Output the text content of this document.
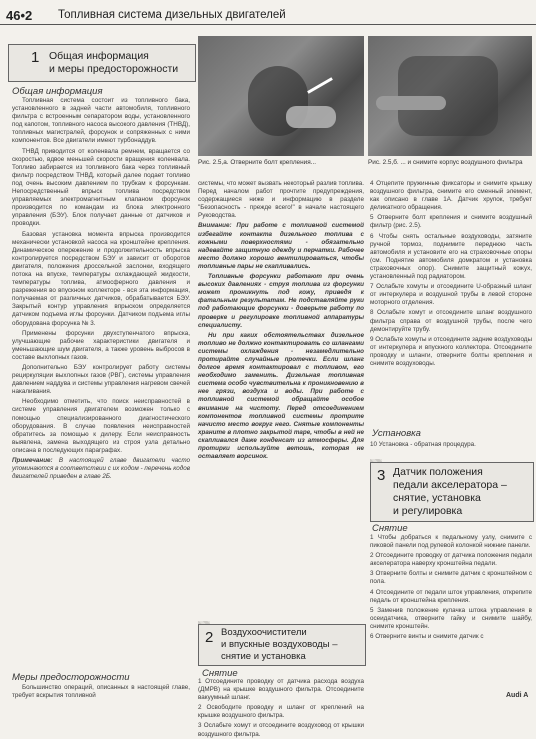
46•2 Топливная система дизельных двигателей
1 Общая информация
и меры предосторожности
Общая информация

Топливная система состоит из топливного бака, установленного в задней части автомобиля, топливного фильтра с встроенным сепаратором воды, установленного под капотом, топливного насоса высокого давления (ТНВД), топливных магистралей, форсунок и сопряженных с ними компонентов. Все двигатели имеют турбонаддув.

ТНВД приводится от коленвала ремнем, вращается со скоростью, вдвое меньшей скорости вращения коленвала. Топливо забирается из топливного бака через топливный фильтр посредством ТНВД, который далее подает топливо под очень высоким давлением по трубкам к форсункам. Непосредственный впрыск топлива посредством управляемых электромагнитным клапаном форсунок производится по командам из блока электронного управления (БЭУ). Блок получает данные от датчиков и проводки.

Базовая установка момента впрыска производится механически установкой насоса на кронштейне крепления. Динамическое опережение и продолжительность впрыска контролируется посредством БЭУ и зависит от оборотов двигателя, положения дроссельной заслонки, входящего потока на впуске, температуры охлаждающей жидкости, температуры топлива, атмосферного давления и разрежения во впускном коллекторе - вся эта информация, получаемая от различных датчиков, обрабатывается БЭУ. Закрытый контур управления впрыском определяется датчиком подъема иглы форсунки. Датчиком подъема иглы оборудована форсунка № 3.

Применены форсунки двухступенчатого впрыска, улучшающие рабочие характеристики двигателя и уменьшающие шум двигателя, а также уровень выбросов в составе выхлопных газов.

Дополнительно БЭУ контролирует работу системы рециркуляции выхлопных газов (РВГ), системы управления давлением наддува и системы управления нагревом свечей накаливания.

Необходимо отметить, что поиск неисправностей в системе управления двигателем возможен только с помощью специализированного диагностического оборудования. В случае появления неисправностей обратитесь за помощью к дилеру. Если неисправность выявлена, замена выходящего из строя узла детально описана в последующих параграфах.

Примечание: В настоящей главе двигатели часто упоминаются в соответствии с их кодом - перечень кодов двигателей приведен в главе 2Б.

Меры предосторожности

Большинство операций, описанных в настоящей главе, требует вскрытия топливной

Рис. 2.5,а. Отверните болт крепления...	Рис. 2.5,б. ... и снимите корпус воздушного фильтра

системы, что может вызвать некоторый разлив топлива. Перед началом работ прочтите предупреждения, содержащиеся ниже и информацию в разделе "Безопасность - прежде всего!" в начале настоящего Руководства.

Внимание: При работе с топливной системой избегайте контакта дизельного топлива с кожными поверхностями - обязательно надевайте защитную одежду и перчатки. Рабочее место должно хорошо вентилироваться, чтобы топливные пары не скапливались.

Топливные форсунки работают при очень высоких давлениях - струя топлива из форсунки может проникнуть под кожу, приведя к фатальным результатам. Не подставляйте руки под работающие форсунки - доверьте работу по проверке и регулировке топливной аппаратуры специалисту.

Ни при каких обстоятельствах дизельное топливо не должно контактировать со шлангами системы охлаждения - незамедлительно протирайте случайные протечки. Если шланг долгое время контактировал с топливом, его необходимо заменить. Дизельная топливная система особо чувствительна к проникновению в нее грязи, воздуха и воды. При работе с топливной системой обращайте особое внимание на чистоту. Перед отсоединением компонентов топливной системы протрите начисто место вокруг него. Снятые компоненты храните в плотно закрытой таре, чтобы в ней не скапливался даже конденсат из атмосферы. Для протирки используйте ветошь, которая не оставляет ворсинок.

2 Воздухоочистители
и впускные воздуховоды –
снятие и установка
Снятие

1 Отсоедините проводку от датчика расхода воздуха (ДМРВ) на крышке воздушного фильтра. Отсоедините вакуумный шланг.

2 Освободите проводку и шланг от креплений на крышке воздушного фильтра.

3 Ослабьте хомут и отсоедините воздуховод от крышки воздушного фильтра.

4 Отцепите пружинные фиксаторы и снимите крышку воздушного фильтра, снимите его сменный элемент, как описано в главе 1А. Датчик хрупок, требует деликатного обращения.

5 Отверните болт крепления и снимите воздушный фильтр (рис. 2.5).

6 Чтобы снять остальные воздуховоды, затяните ручной тормоз, поднимите переднюю часть автомобиля и установите его на страховочные опоры (см. Поднятие автомобиля домкратом и установка страховочных опор). Снимите защитный кожух, установленный под радиатором.

7 Ослабьте хомуты и отсоедините U-образный шланг от интеркулера и воздушной трубы в левой стороне моторного отделения.

8 Ослабьте хомут и отсоедините шланг воздушного фильтра справа от воздушной трубы, после чего демонтируйте трубу.

9 Ослабьте хомуты и отсоедините задние воздуховоды от интеркулера и впускного коллектора. Отсоедините проводку и шланги, отверните болты крепления и снимите воздуховоды.

Установка

10 Установка - обратная процедура.

3 Датчик положения
педали акселератора –
снятие, установка
и регулировка
Снятие

1 Чтобы добраться к педальному узлу, снимите с пиковой панели под рулевой колонкой нижние панели.

2 Отсоедините проводку от датчика положения педали акселератора наверху кронштейна педали.

3 Отверните болты и снимите датчик с кронштейном с пола.

4 Отсоедините от педали шток управления, открепите педаль от кронштейна крепления.

5 Заменив положение кулачка штока управления в осеидатчика, отверните гайку и снимите шайбу, снимите кронштейн.

6 Отверните винты и снимите датчик с

Audi A
